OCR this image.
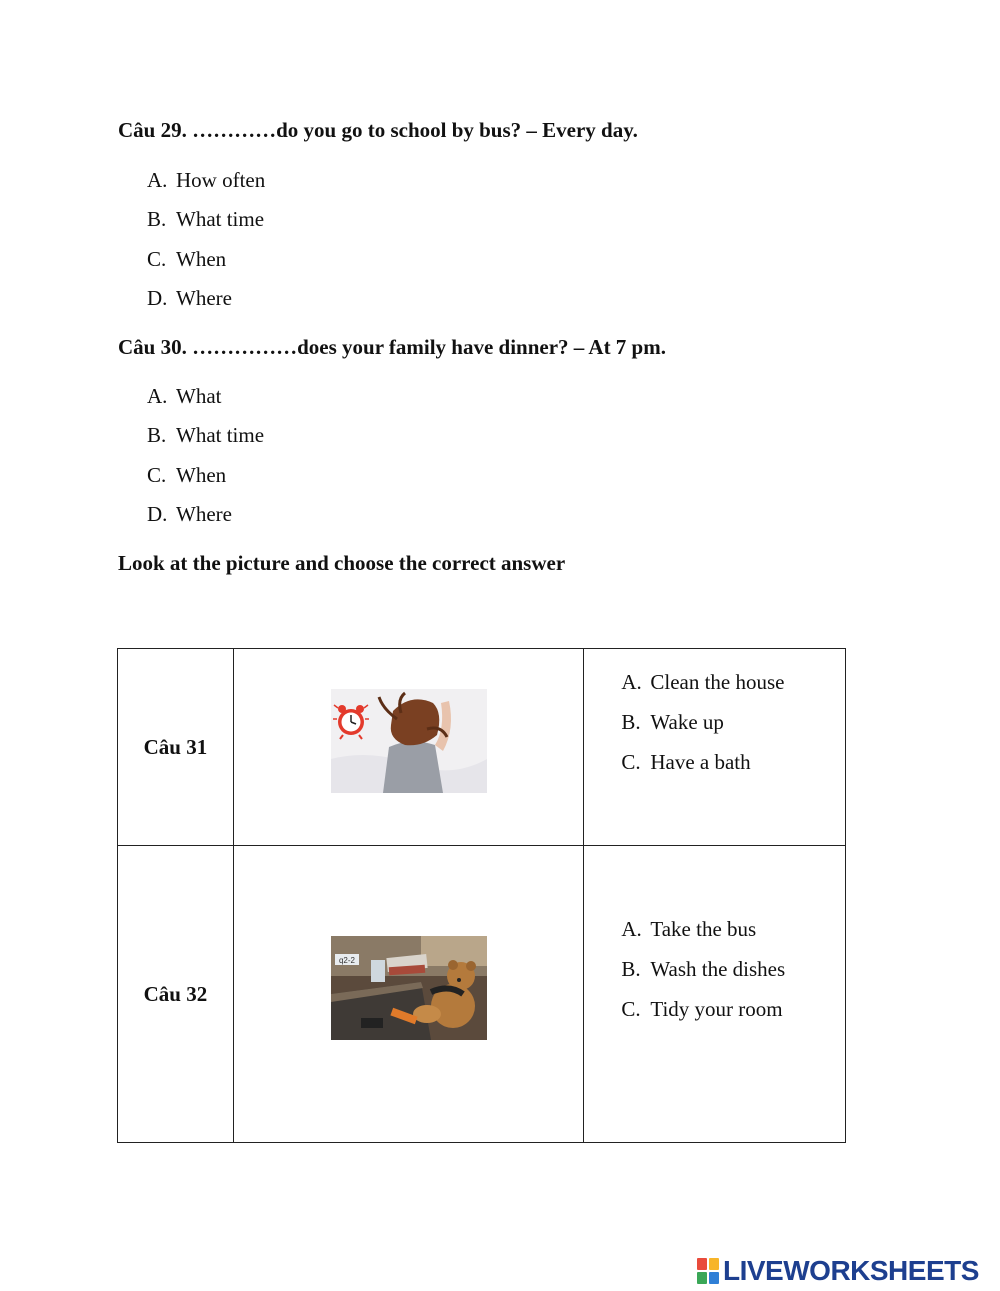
Câu 29. …………do you go to school by bus? – Every day.
A. How often
B. What time
C. When
D. Where
Câu 30. ……………does your family have dinner? – At 7 pm.
A. What
B. What time
C. When
D. Where
Look at the picture and choose the correct answer
Câu 31		A. Clean the house
B. Wake up
C. Have a bath

Câu 32	q2-2	A. Take the bus
B. Wash the dishes
C. Tidy your room
LIVEWORKSHEETS
